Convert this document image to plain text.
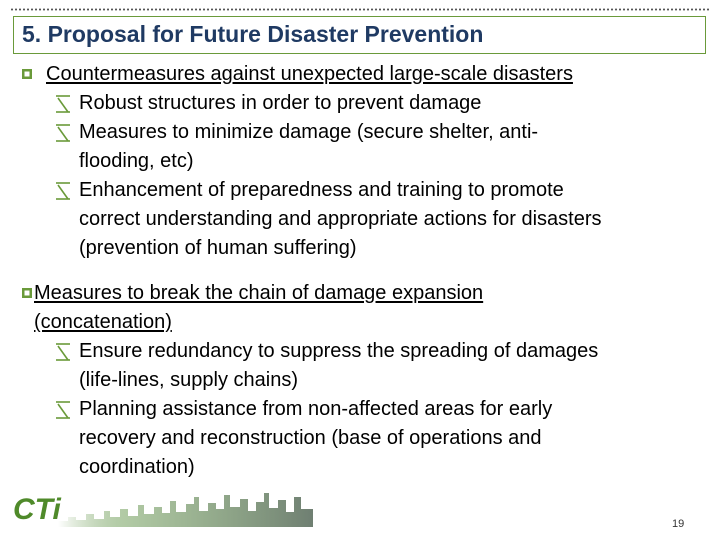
5. Proposal for Future Disaster Prevention
Countermeasures against unexpected large-scale disasters
Robust structures in order to prevent damage
Measures to minimize damage (secure shelter, anti-
flooding, etc)
Enhancement of preparedness and training to promote
correct understanding and appropriate actions for disasters
(prevention of human suffering)
Measures to break the chain of damage expansion
(concatenation)
Ensure redundancy to suppress the spreading of damages
(life-lines, supply chains)
Planning assistance from non-affected areas for early
recovery and reconstruction (base of operations and
coordination)
CTi	19
